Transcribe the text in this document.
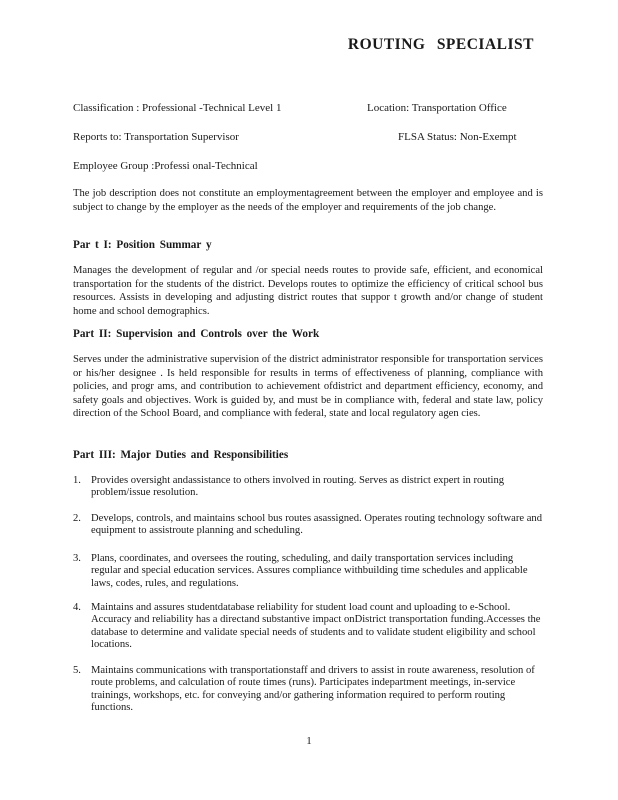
ROUTING SPECIALIST
Classification : Professional -Technical Level 1	Location: Transportation Office
Reports to: Transportation Supervisor	FLSA Status: Non-Exempt
Employee Group :Professi onal-Technical

The job description does not constitute an employmentagreement between the employer and employee and is subject to change by the employer as the needs of the employer and requirements of the job change.

Par t I: Position Summar y

Manages the development of regular and /or special needs routes to provide safe, efficient, and economical transportation for the students of the district. Develops routes to optimize the efficiency of critical school bus resources. Assists in developing and adjusting district routes that suppor t growth and/or change of student home and school demographics.

Part II: Supervision and Controls over the Work

Serves under the administrative supervision of the district administrator responsible for transportation services or his/her designee . Is held responsible for results in terms of effectiveness of planning, compliance with policies, and progr ams, and contribution to achievement ofdistrict and department efficiency, economy, and safety goals and objectives. Work is guided by, and must be in compliance with, federal and state law, policy direction of the School Board, and compliance with federal, state and local regulatory agen cies.

Part III: Major Duties and Responsibilities
1. Provides oversight andassistance to others involved in routing. Serves as district expert in routing problem/issue resolution.
2. Develops, controls, and maintains school bus routes asassigned. Operates routing technology software and equipment to assistroute planning and scheduling.
3. Plans, coordinates, and oversees the routing, scheduling, and daily transportation services including regular and special education services. Assures compliance withbuilding time schedules and applicable laws, codes, rules, and regulations.
4. Maintains and assures studentdatabase reliability for student load count and uploading to e-School. Accuracy and reliability has a directand substantive impact onDistrict transportation funding.Accesses the database to determine and validate special needs of students and to validate student eligibility and school locations.
5. Maintains communications with transportationstaff and drivers to assist in route awareness, resolution of route problems, and calculation of route times (runs). Participates indepartment meetings, in-service trainings, workshops, etc. for conveying and/or gathering information required to perform routing functions.
1
